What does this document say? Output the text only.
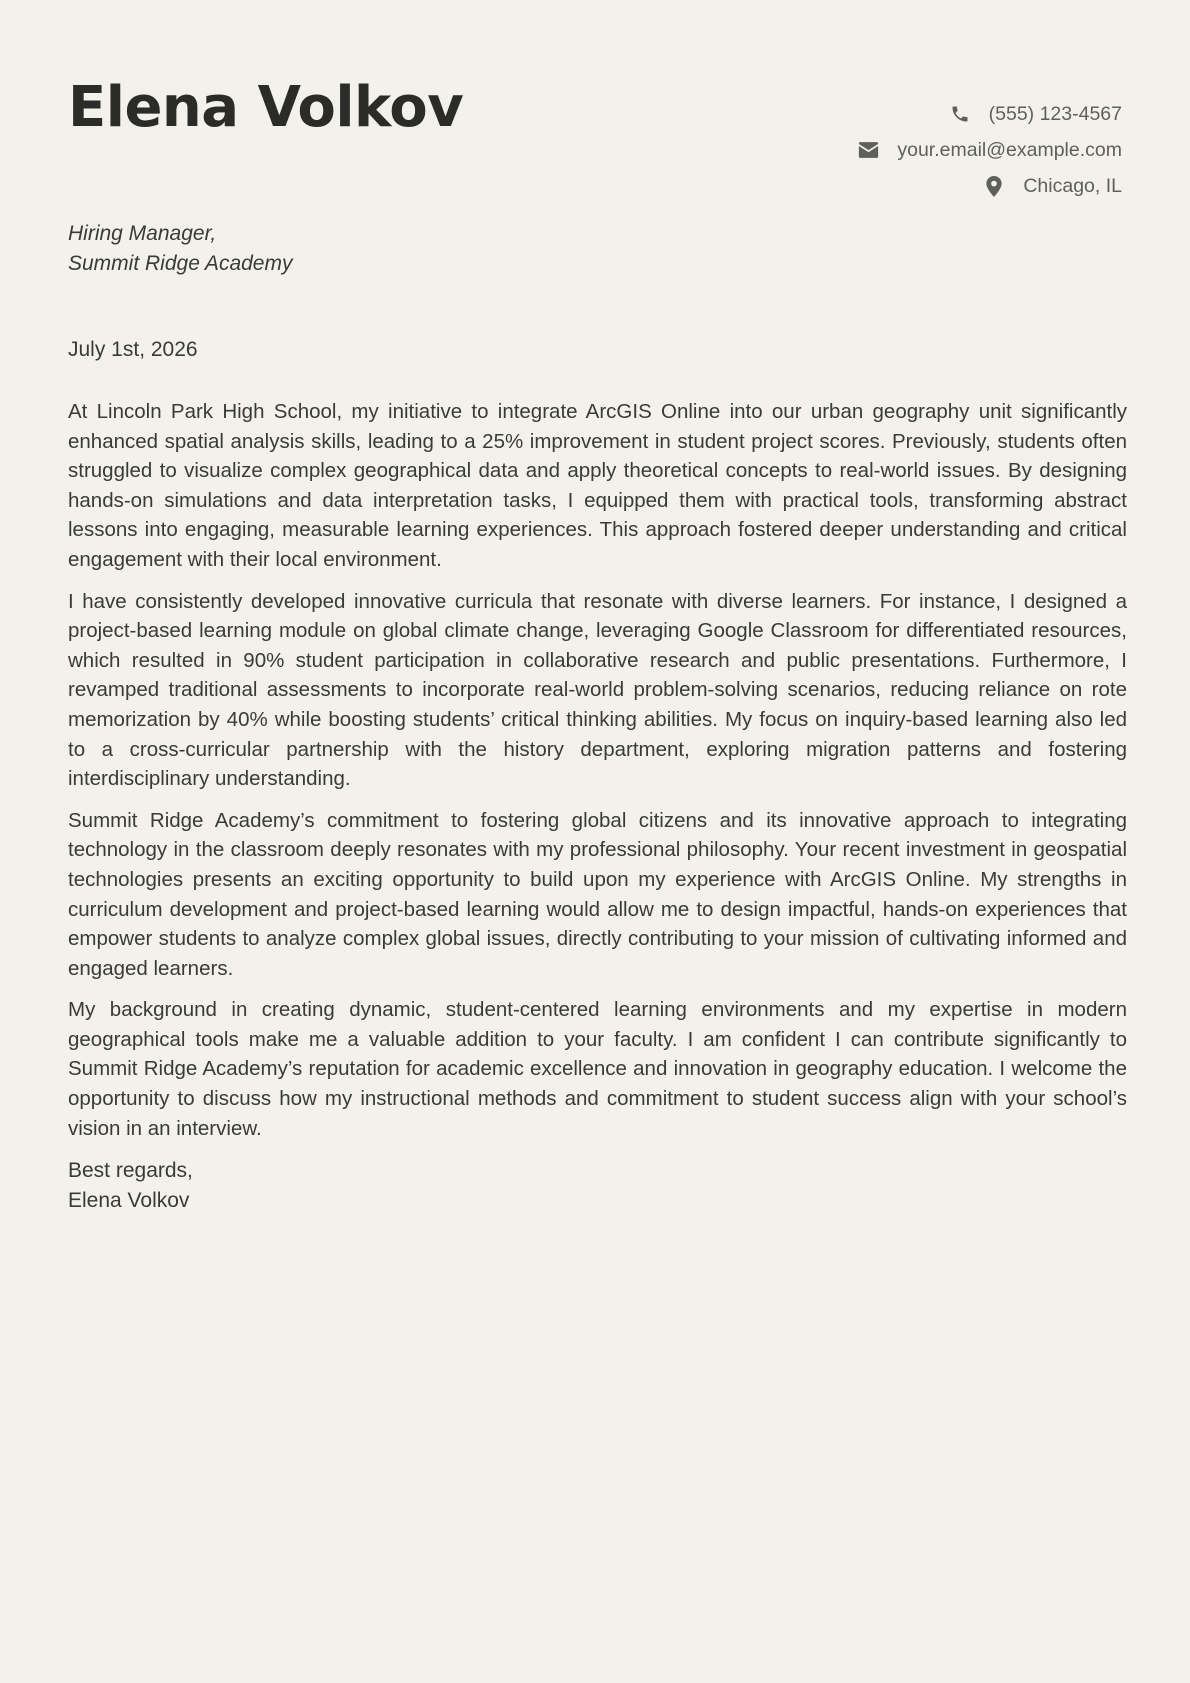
Elena Volkov	(555) 123-4567
your.email@example.com
Chicago, IL
Hiring Manager,
Summit Ridge Academy
July 1st, 2026

At Lincoln Park High School, my initiative to integrate ArcGIS Online into our urban geography unit significantly enhanced spatial analysis skills, leading to a 25% improvement in student project scores. Previously, students often struggled to visualize complex geographical data and apply theoretical concepts to real-world issues. By designing hands-on simulations and data interpretation tasks, I equipped them with practical tools, transforming abstract lessons into engaging, measurable learning experiences. This approach fostered deeper understanding and critical engagement with their local environment.

I have consistently developed innovative curricula that resonate with diverse learners. For instance, I designed a project-based learning module on global climate change, leveraging Google Classroom for differentiated resources, which resulted in 90% student participation in collaborative research and public presentations. Furthermore, I revamped traditional assessments to incorporate real-world problem-solving scenarios, reducing reliance on rote memorization by 40% while boosting students’ critical thinking abilities. My focus on inquiry-based learning also led to a cross-curricular partnership with the history department, exploring migration patterns and fostering interdisciplinary understanding.

Summit Ridge Academy’s commitment to fostering global citizens and its innovative approach to integrating technology in the classroom deeply resonates with my professional philosophy. Your recent investment in geospatial technologies presents an exciting opportunity to build upon my experience with ArcGIS Online. My strengths in curriculum development and project-based learning would allow me to design impactful, hands-on experiences that empower students to analyze complex global issues, directly contributing to your mission of cultivating informed and engaged learners.

My background in creating dynamic, student-centered learning environments and my expertise in modern geographical tools make me a valuable addition to your faculty. I am confident I can contribute significantly to Summit Ridge Academy’s reputation for academic excellence and innovation in geography education. I welcome the opportunity to discuss how my instructional methods and commitment to student success align with your school’s vision in an interview.

Best regards,
Elena Volkov
